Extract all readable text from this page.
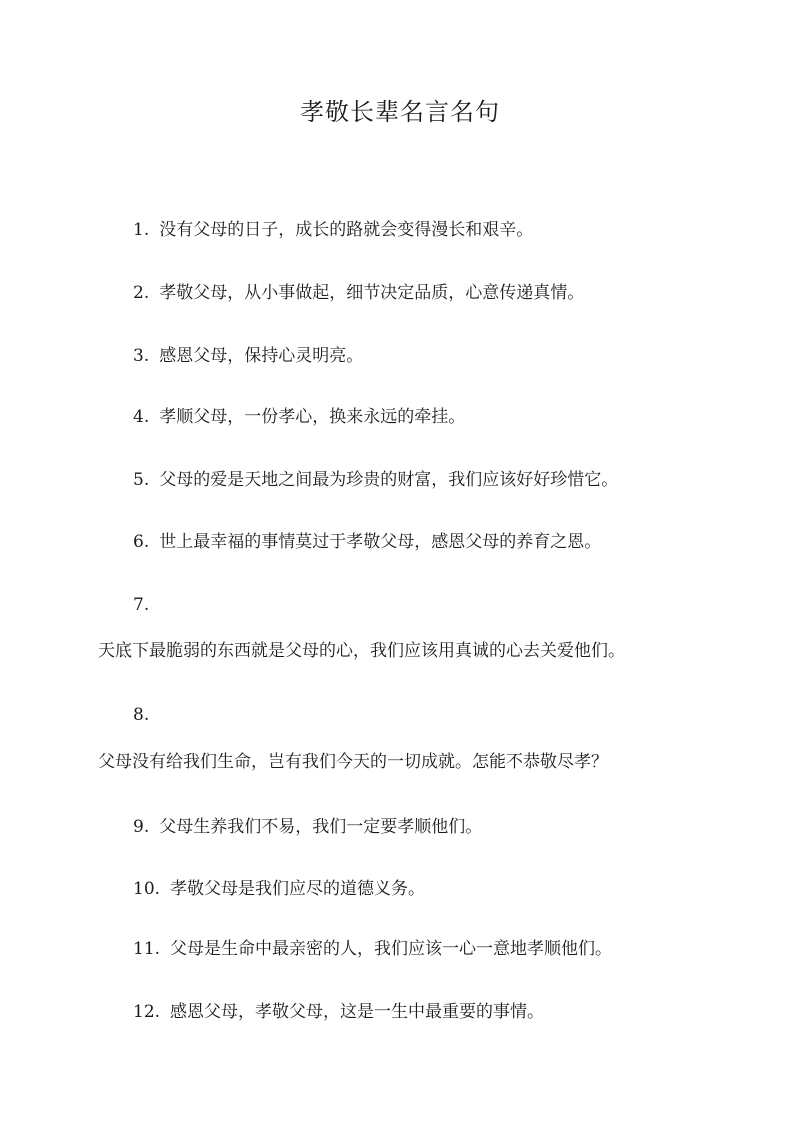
孝敬长辈名言名句

1. 没有父母的日子，成长的路就会变得漫长和艰辛。

2. 孝敬父母，从小事做起，细节决定品质，心意传递真情。

3. 感恩父母，保持心灵明亮。

4. 孝顺父母，一份孝心，换来永远的牵挂。

5. 父母的爱是天地之间最为珍贵的财富，我们应该好好珍惜它。

6. 世上最幸福的事情莫过于孝敬父母，感恩父母的养育之恩。

7.

天底下最脆弱的东西就是父母的心，我们应该用真诚的心去关爱他们。

8.

父母没有给我们生命，岂有我们今天的一切成就。怎能不恭敬尽孝？

9. 父母生养我们不易，我们一定要孝顺他们。

10. 孝敬父母是我们应尽的道德义务。

11. 父母是生命中最亲密的人，我们应该一心一意地孝顺他们。

12. 感恩父母，孝敬父母，这是一生中最重要的事情。
